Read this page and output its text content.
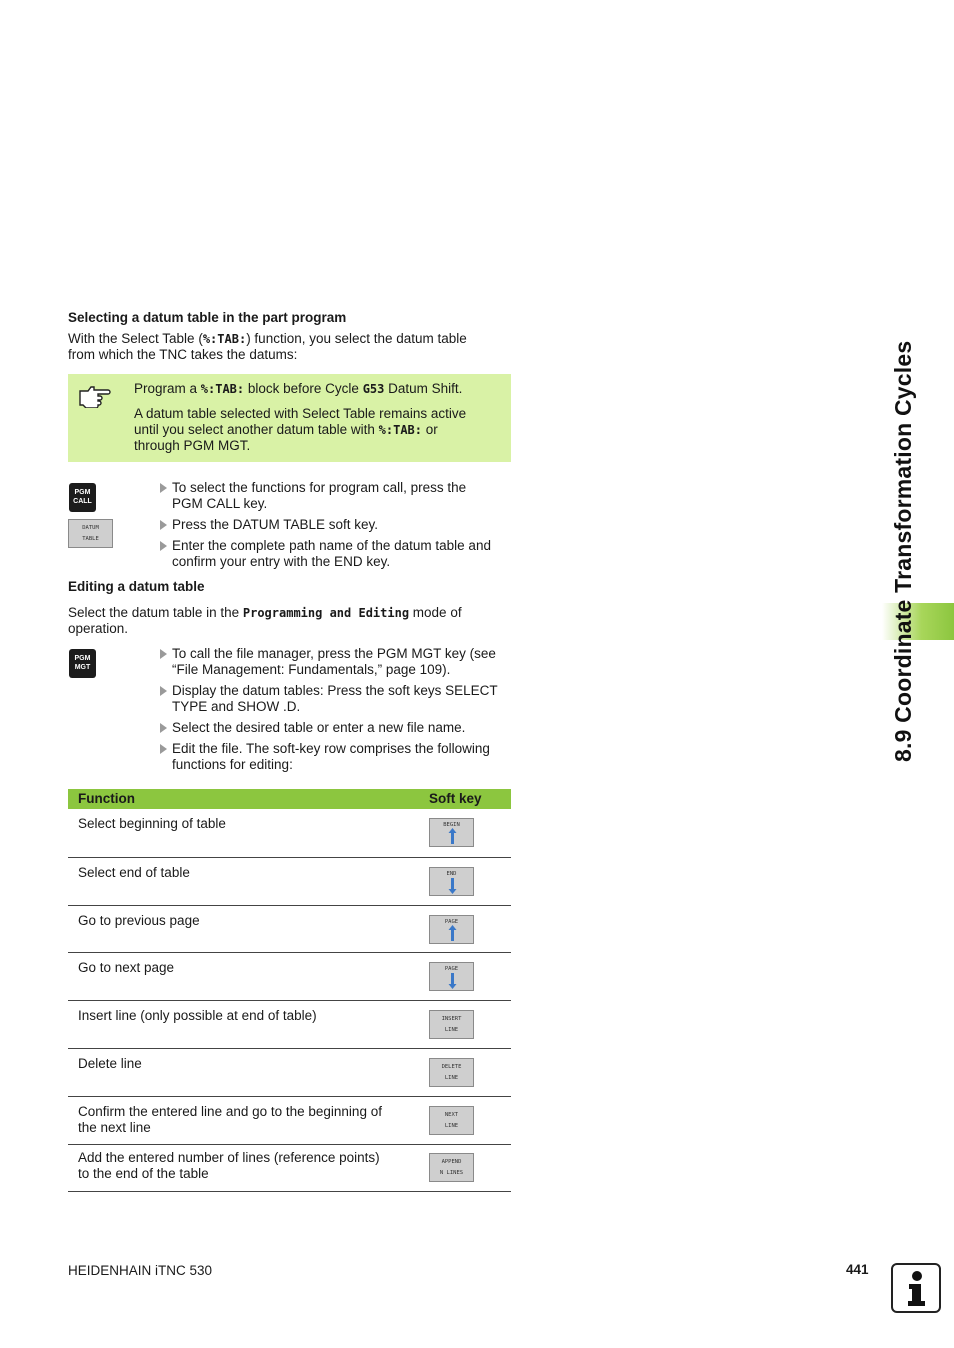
8.9 Coordinate Transformation Cycles
Selecting a datum table in the part program
With the Select Table (%:TAB:) function, you select the datum table
from which the TNC takes the datums:

Program a %:TAB: block before Cycle G53 Datum Shift.

A datum table selected with Select Table remains active
until you select another datum table with %:TAB: or
through PGM MGT.

PGM
CALL
DATUM
TABLE
To select the functions for program call, press the
PGM CALL key.
Press the DATUM TABLE soft key.
Enter the complete path name of the datum table and
confirm your entry with the END key.
Editing a datum table
Select the datum table in the Programming and Editing mode of
operation.
PGM
MGT
To call the file manager, press the PGM MGT key (see
“File Management: Fundamentals,” page 109).
Display the datum tables: Press the soft keys SELECT
TYPE and SHOW .D.
Select the desired table or enter a new file name.
Edit the file. The soft-key row comprises the following
functions for editing:
Function	Soft key
Select beginning of table	BEGIN
Select end of table	END
Go to previous page	PAGE
Go to next page	PAGE
Insert line (only possible at end of table)	INSERT
LINE
Delete line	DELETE
LINE
Confirm the entered line and go to the beginning of
the next line
NEXT
LINE
Add the entered number of lines (reference points)
to the end of the table
APPEND
N LINES
HEIDENHAIN iTNC 530	441
